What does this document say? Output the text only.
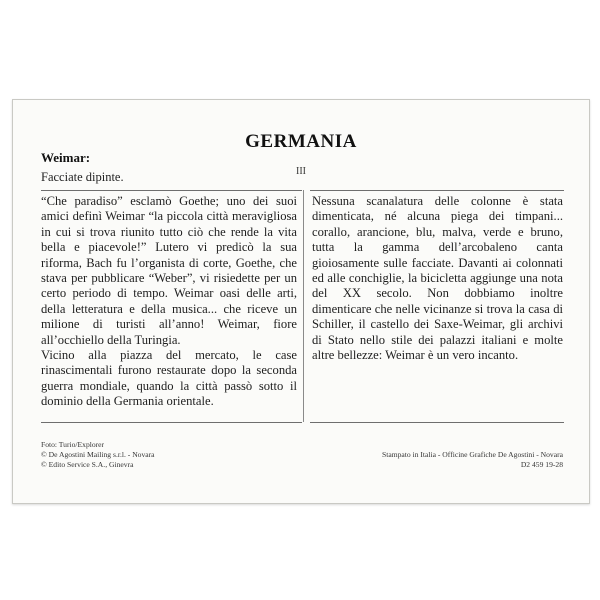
GERMANIA
III
Weimar:
Facciate dipinte.

“Che paradiso” esclamò Goethe; uno dei suoi amici definì Weimar “la piccola città meravigliosa in cui si trova riunito tutto ciò che rende la vita bella e piacevole!” Lutero vi predicò la sua riforma, Bach fu l’organista di corte, Goethe, che stava per pubblicare “Weber”, vi risiedette per un certo periodo di tempo. Weimar oasi delle arti, della letteratura e della musica... che riceve un milione di turisti all’anno! Weimar, fiore all’occhiello della Turingia.

Vicino alla piazza del mercato, le case rinascimentali furono restaurate dopo la seconda guerra mondiale, quando la città passò sotto il dominio della Germania orientale.

Nessuna scanalatura delle colonne è stata dimenticata, né alcuna piega dei timpani... corallo, arancione, blu, malva, verde e bruno, tutta la gamma dell’arcobaleno canta gioiosamente sulle facciate. Davanti ai colonnati ed alle conchiglie, la bicicletta aggiunge una nota del XX secolo. Non dobbiamo inoltre dimenticare che nelle vicinanze si trova la casa di Schiller, il castello dei Saxe-Weimar, gli archivi di Stato nello stile dei palazzi italiani e molte altre bellezze: Weimar è un vero incanto.

Foto: Turio/Explorer
© De Agostini Mailing s.r.l. - Novara
© Edito Service S.A., Ginevra
Stampato in Italia - Officine Grafiche De Agostini - Novara
D2 459 19-28
